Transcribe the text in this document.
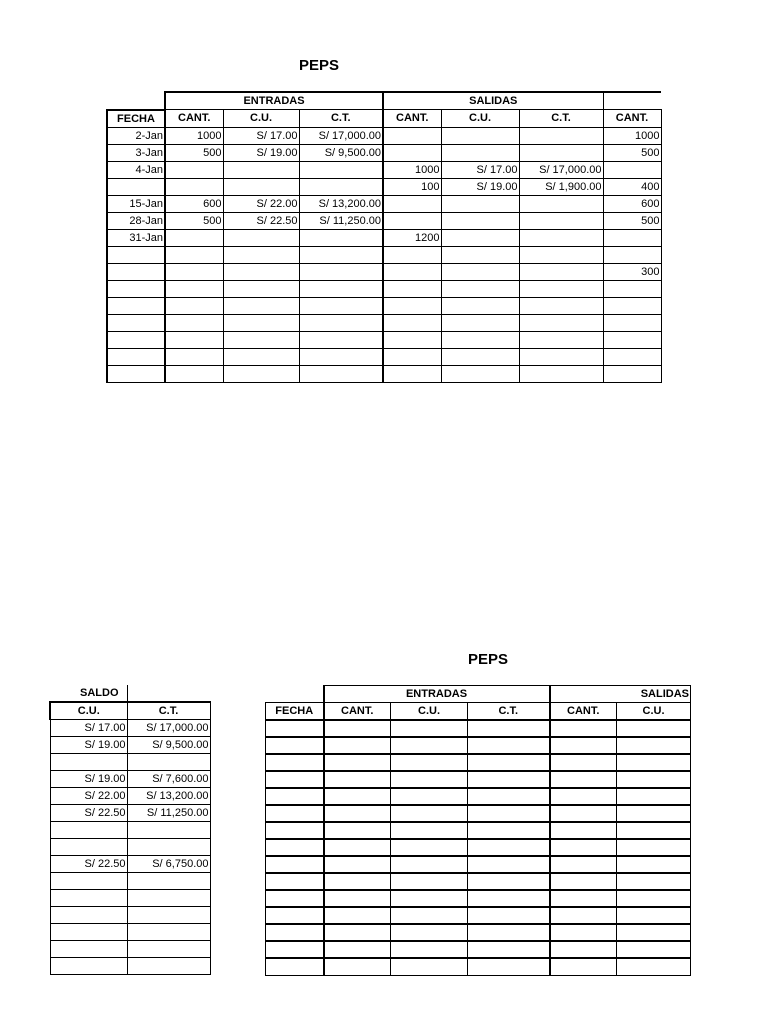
PEPS
	ENTRADAS			SALIDAS			
FECHA	CANT.	C.U.	C.T.	CANT.	C.U.	C.T.	CANT.
2-Jan	1000	S/ 17.00	S/ 17,000.00				1000
3-Jan	500	S/ 19.00	S/ 9,500.00				500
4-Jan				1000	S/ 17.00	S/ 17,000.00	
				100	S/ 19.00	S/ 1,900.00	400
15-Jan	600	S/ 22.00	S/ 13,200.00				600
28-Jan	500	S/ 22.50	S/ 11,250.00				500
31-Jan				1200			

							300

SALDO	
C.U.	C.T.
S/ 17.00	S/ 17,000.00
S/ 19.00	S/ 9,500.00

S/ 19.00	S/ 7,600.00
S/ 22.00	S/ 13,200.00
S/ 22.50	S/ 11,250.00

S/ 22.50	S/ 6,750.00

PEPS
	ENTRADAS			SALIDAS	
FECHA	CANT.	C.U.	C.T.	CANT.	C.U.
